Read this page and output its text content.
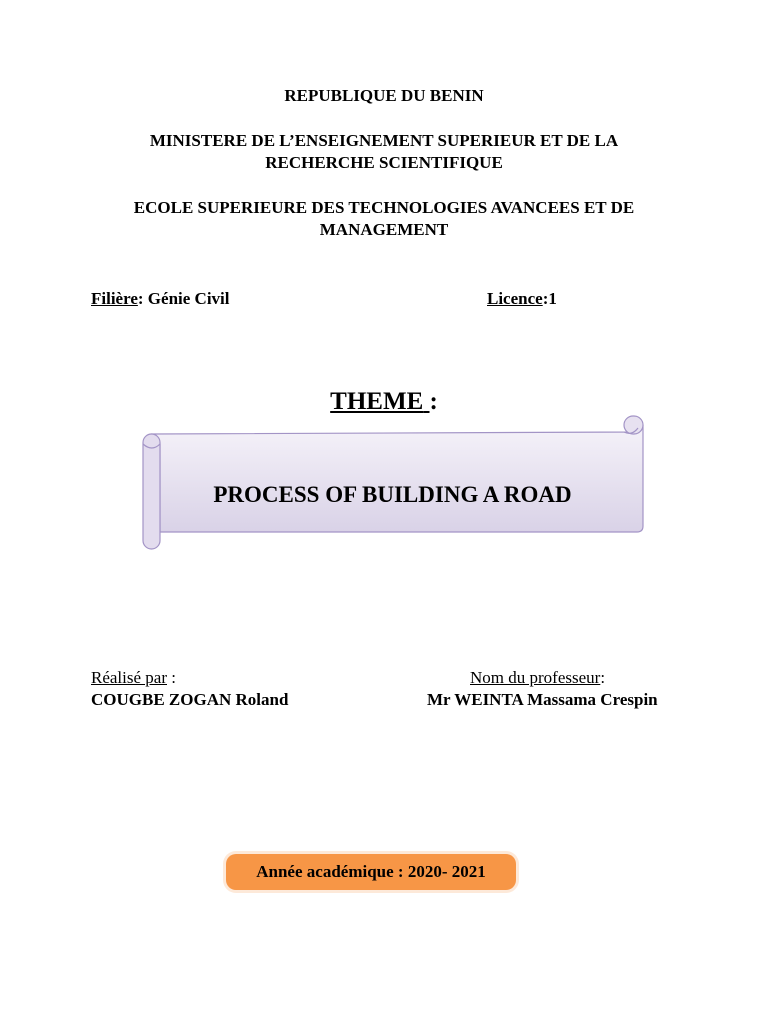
REPUBLIQUE DU BENIN
MINISTERE DE L’ENSEIGNEMENT SUPERIEUR ET DE LA
RECHERCHE SCIENTIFIQUE
ECOLE SUPERIEURE DES TECHNOLOGIES AVANCEES ET DE
MANAGEMENT
Filière: Génie Civil	Licence:1
THEME :
PROCESS OF BUILDING A ROAD
Réalisé par :
COUGBE ZOGAN Roland
Nom du professeur:
Mr WEINTA Massama Crespin
Année académique : 2020- 2021
